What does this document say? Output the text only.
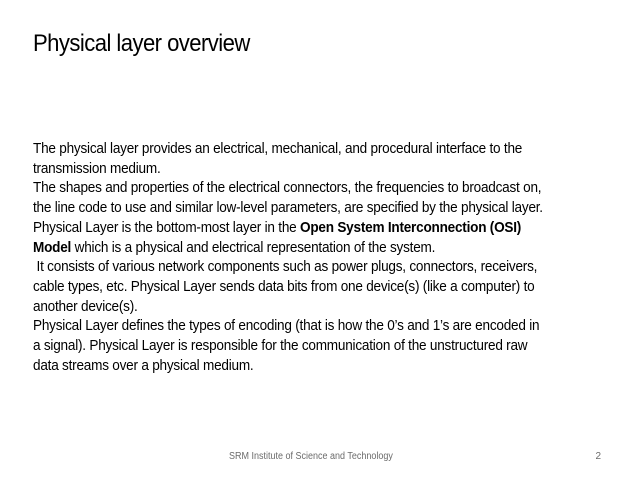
Physical layer overview
The physical layer provides an electrical, mechanical, and procedural interface to the
transmission medium.
The shapes and properties of the electrical connectors, the frequencies to broadcast on,
the line code to use and similar low-level parameters, are specified by the physical layer.
Physical Layer is the bottom-most layer in the Open System Interconnection (OSI)
Model which is a physical and electrical representation of the system.
It consists of various network components such as power plugs, connectors, receivers,
cable types, etc. Physical Layer sends data bits from one device(s) (like a computer) to
another device(s).
Physical Layer defines the types of encoding (that is how the 0’s and 1’s are encoded in
a signal). Physical Layer is responsible for the communication of the unstructured raw
data streams over a physical medium.
SRM Institute of Science and Technology	2
